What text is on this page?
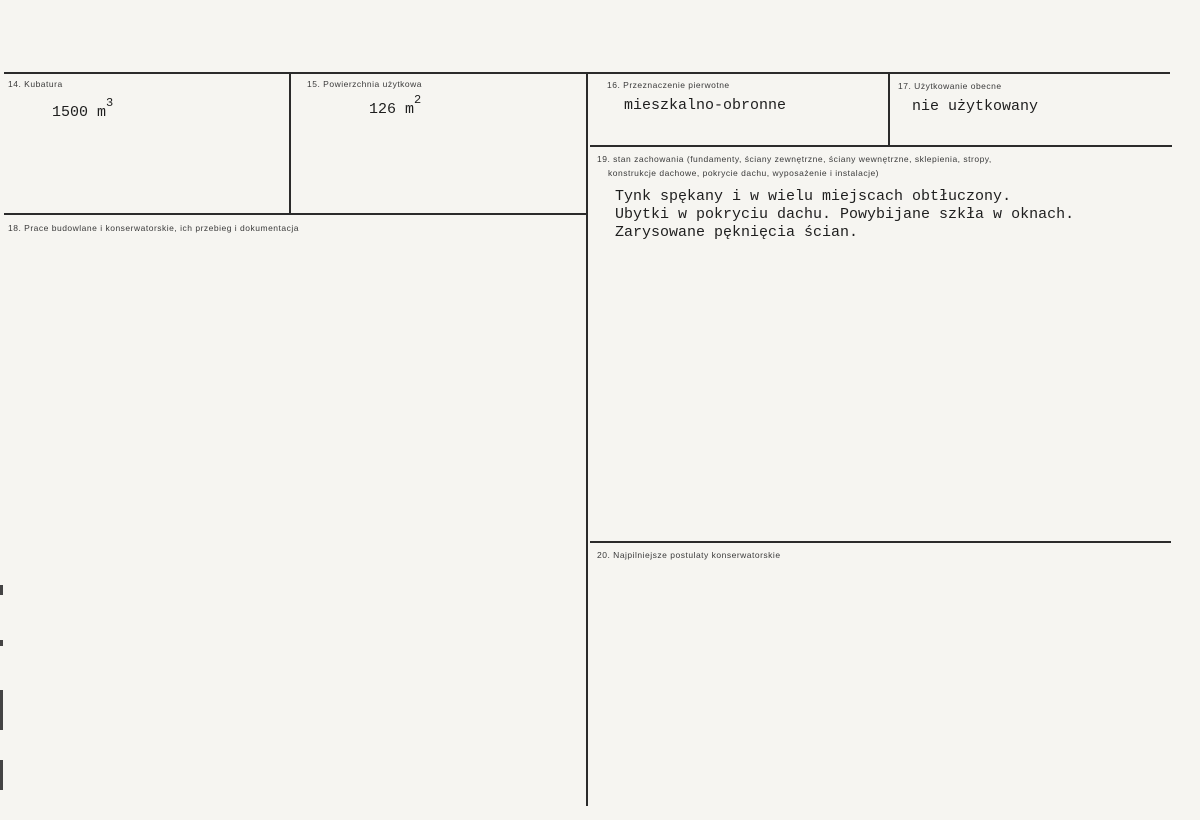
14. Kubatura
1500 $m^3$
15. Powierzchnia użytkowa
126 $m^2$
16. Przeznaczenie pierwotne
mieszkalno-obronne
17. Użytkowanie obecne
nie użytkowany
18. Prace budowlane i konserwatorskie, ich przebieg i dokumentacja
19. stan zachowania (fundamenty, ściany zewnętrzne, ściany wewnętrzne, sklepienia, stropy,
konstrukcje dachowe, pokrycie dachu, wyposażenie i instalacje)
Tynk spękany i w wielu miejscach obtłuczony.
Ubytki w pokryciu dachu. Powybijane szkła w oknach.
Zarysowane pęknięcia ścian.
20. Najpilniejsze postulaty konserwatorskie
